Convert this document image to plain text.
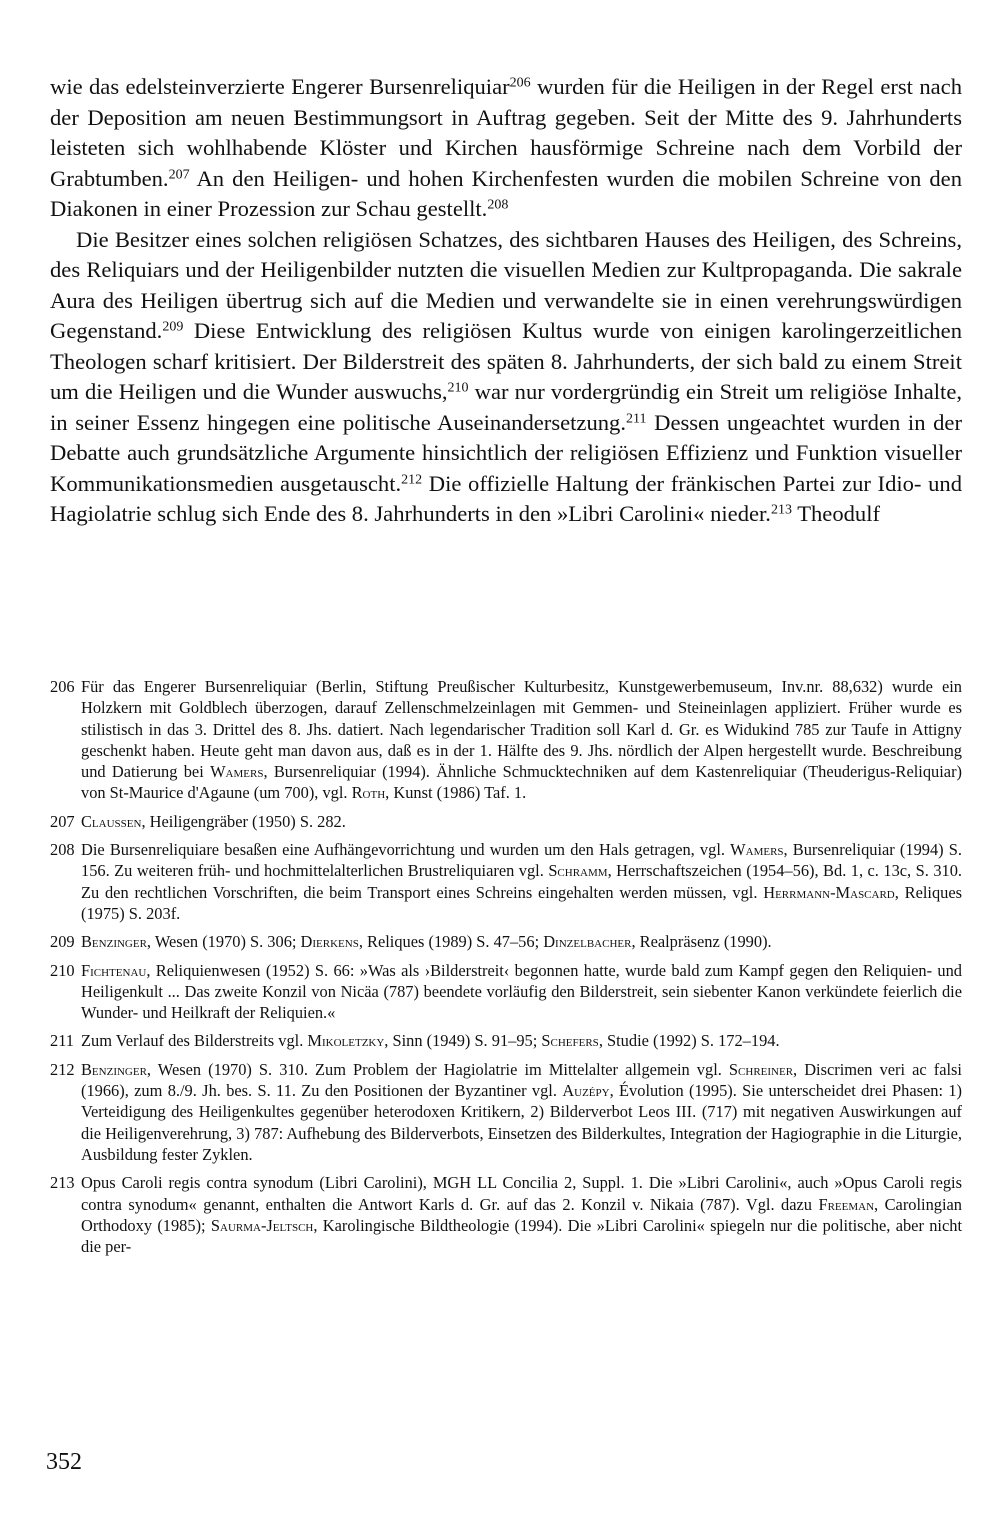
wie das edelsteinverzierte Engerer Bursenreliquiar$^{206}$ wurden für die Heiligen in der Regel erst nach der Deposition am neuen Bestimmungsort in Auftrag gegeben. Seit der Mitte des 9. Jahrhunderts leisteten sich wohlhabende Klöster und Kirchen hausförmige Schreine nach dem Vorbild der Grabtumben.$^{207}$ An den Heiligen- und hohen Kirchenfesten wurden die mobilen Schreine von den Diakonen in einer Prozession zur Schau gestellt.$^{208}$

Die Besitzer eines solchen religiösen Schatzes, des sichtbaren Hauses des Heiligen, des Schreins, des Reliquiars und der Heiligenbilder nutzten die visuellen Medien zur Kultpropaganda. Die sakrale Aura des Heiligen übertrug sich auf die Medien und verwandelte sie in einen verehrungswürdigen Gegenstand.$^{209}$ Diese Entwicklung des religiösen Kultus wurde von einigen karolingerzeitlichen Theologen scharf kritisiert. Der Bilderstreit des späten 8. Jahrhunderts, der sich bald zu einem Streit um die Heiligen und die Wunder auswuchs,$^{210}$ war nur vordergründig ein Streit um religiöse Inhalte, in seiner Essenz hingegen eine politische Auseinandersetzung.$^{211}$ Dessen ungeachtet wurden in der Debatte auch grundsätzliche Argumente hinsichtlich der religiösen Effizienz und Funktion visueller Kommunikationsmedien ausgetauscht.$^{212}$ Die offizielle Haltung der fränkischen Partei zur Idio- und Hagiolatrie schlug sich Ende des 8. Jahrhunderts in den »Libri Carolini« nieder.$^{213}$ Theodulf

206 Für das Engerer Bursenreliquiar (Berlin, Stiftung Preußischer Kulturbesitz, Kunstgewerbemuseum, Inv.nr. 88,632) wurde ein Holzkern mit Goldblech überzogen, darauf Zellenschmelzeinlagen mit Gemmen- und Steineinlagen appliziert. Früher wurde es stilistisch in das 3. Drittel des 8. Jhs. datiert. Nach legendarischer Tradition soll Karl d. Gr. es Widukind 785 zur Taufe in Attigny geschenkt haben. Heute geht man davon aus, daß es in der 1. Hälfte des 9. Jhs. nördlich der Alpen hergestellt wurde. Beschreibung und Datierung bei Wamers, Bursenreliquiar (1994). Ähnliche Schmucktechniken auf dem Kastenreliquiar (Theuderigus-Reliquiar) von St-Maurice d'Agaune (um 700), vgl. Roth, Kunst (1986) Taf. 1.
207 Claussen, Heiligengräber (1950) S. 282.
208 Die Bursenreliquiare besaßen eine Aufhängevorrichtung und wurden um den Hals getragen, vgl. Wamers, Bursenreliquiar (1994) S. 156. Zu weiteren früh- und hochmittelalterlichen Brustreliquiaren vgl. Schramm, Herrschaftszeichen (1954–56), Bd. 1, c. 13c, S. 310. Zu den rechtlichen Vorschriften, die beim Transport eines Schreins eingehalten werden müssen, vgl. Herrmann-Mascard, Reliques (1975) S. 203f.
209 Benzinger, Wesen (1970) S. 306; Dierkens, Reliques (1989) S. 47–56; Dinzelbacher, Realpräsenz (1990).
210 Fichtenau, Reliquienwesen (1952) S. 66: »Was als ›Bilderstreit‹ begonnen hatte, wurde bald zum Kampf gegen den Reliquien- und Heiligenkult ... Das zweite Konzil von Nicäa (787) beendete vorläufig den Bilderstreit, sein siebenter Kanon verkündete feierlich die Wunder- und Heilkraft der Reliquien.«
211 Zum Verlauf des Bilderstreits vgl. Mikoletzky, Sinn (1949) S. 91–95; Schefers, Studie (1992) S. 172–194.
212 Benzinger, Wesen (1970) S. 310. Zum Problem der Hagiolatrie im Mittelalter allgemein vgl. Schreiner, Discrimen veri ac falsi (1966), zum 8./9. Jh. bes. S. 11. Zu den Positionen der Byzantiner vgl. Auzépy, Évolution (1995). Sie unterscheidet drei Phasen: 1) Verteidigung des Heiligenkultes gegenüber heterodoxen Kritikern, 2) Bilderverbot Leos III. (717) mit negativen Auswirkungen auf die Heiligenverehrung, 3) 787: Aufhebung des Bilderverbots, Einsetzen des Bilderkultes, Integration der Hagiographie in die Liturgie, Ausbildung fester Zyklen.
213 Opus Caroli regis contra synodum (Libri Carolini), MGH LL Concilia 2, Suppl. 1. Die »Libri Carolini«, auch »Opus Caroli regis contra synodum« genannt, enthalten die Antwort Karls d. Gr. auf das 2. Konzil v. Nikaia (787). Vgl. dazu Freeman, Carolingian Orthodoxy (1985); Saurma-Jeltsch, Karolingische Bildtheologie (1994). Die »Libri Carolini« spiegeln nur die politische, aber nicht die per-
352
